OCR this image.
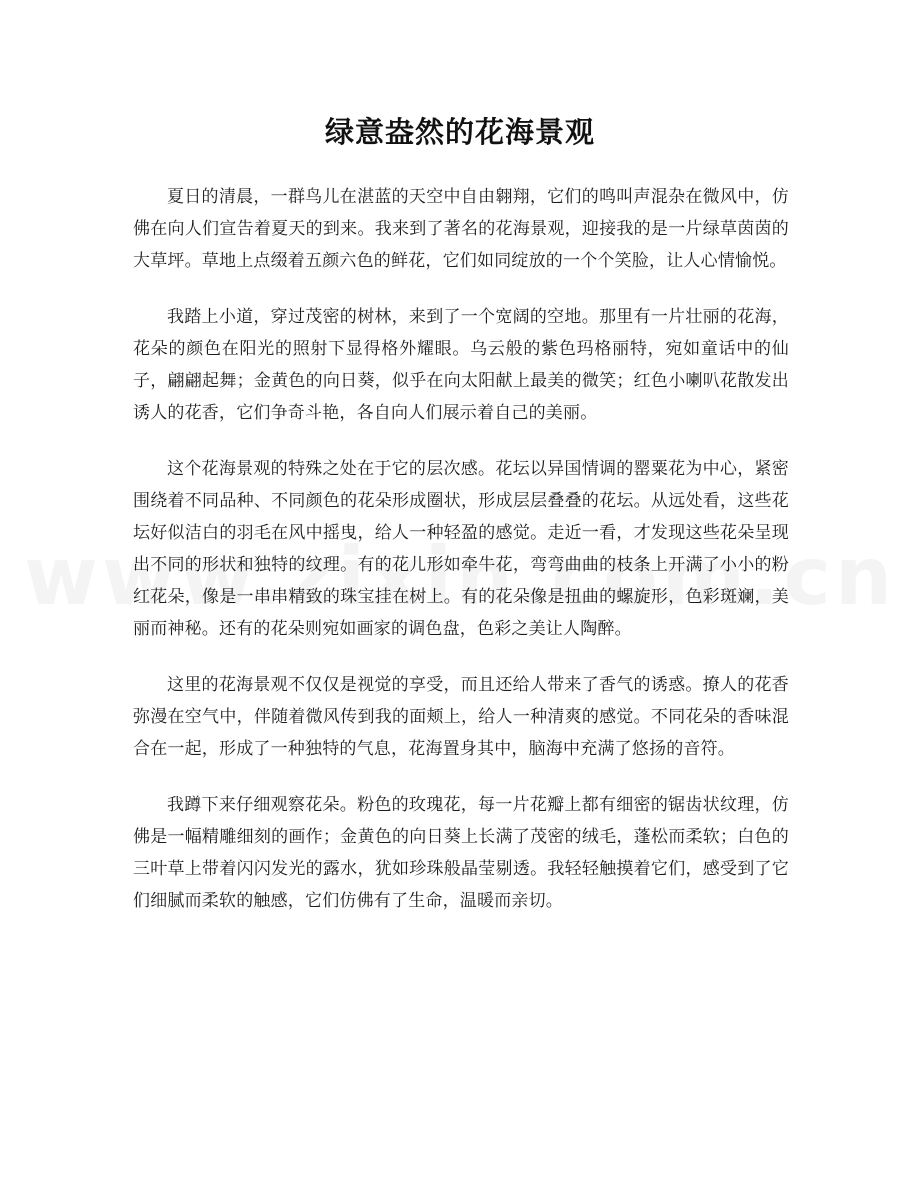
绿意盎然的花海景观

夏日的清晨，一群鸟儿在湛蓝的天空中自由翱翔，它们的鸣叫声混杂在微风中，仿佛在向人们宣告着夏天的到来。我来到了著名的花海景观，迎接我的是一片绿草茵茵的大草坪。草地上点缀着五颜六色的鲜花，它们如同绽放的一个个笑脸，让人心情愉悦。

我踏上小道，穿过茂密的树林，来到了一个宽阔的空地。那里有一片壮丽的花海，花朵的颜色在阳光的照射下显得格外耀眼。乌云般的紫色玛格丽特，宛如童话中的仙子，翩翩起舞；金黄色的向日葵，似乎在向太阳献上最美的微笑；红色小喇叭花散发出诱人的花香，它们争奇斗艳，各自向人们展示着自己的美丽。

这个花海景观的特殊之处在于它的层次感。花坛以异国情调的罂粟花为中心，紧密围绕着不同品种、不同颜色的花朵形成圈状，形成层层叠叠的花坛。从远处看，这些花坛好似洁白的羽毛在风中摇曳，给人一种轻盈的感觉。走近一看，才发现这些花朵呈现出不同的形状和独特的纹理。有的花儿形如牵牛花，弯弯曲曲的枝条上开满了小小的粉红花朵，像是一串串精致的珠宝挂在树上。有的花朵像是扭曲的螺旋形，色彩斑斓，美丽而神秘。还有的花朵则宛如画家的调色盘，色彩之美让人陶醉。

这里的花海景观不仅仅是视觉的享受，而且还给人带来了香气的诱惑。撩人的花香弥漫在空气中，伴随着微风传到我的面颊上，给人一种清爽的感觉。不同花朵的香味混合在一起，形成了一种独特的气息，花海置身其中，脑海中充满了悠扬的音符。

我蹲下来仔细观察花朵。粉色的玫瑰花，每一片花瓣上都有细密的锯齿状纹理，仿佛是一幅精雕细刻的画作；金黄色的向日葵上长满了茂密的绒毛，蓬松而柔软；白色的三叶草上带着闪闪发光的露水，犹如珍珠般晶莹剔透。我轻轻触摸着它们，感受到了它们细腻而柔软的触感，它们仿佛有了生命，温暖而亲切。
